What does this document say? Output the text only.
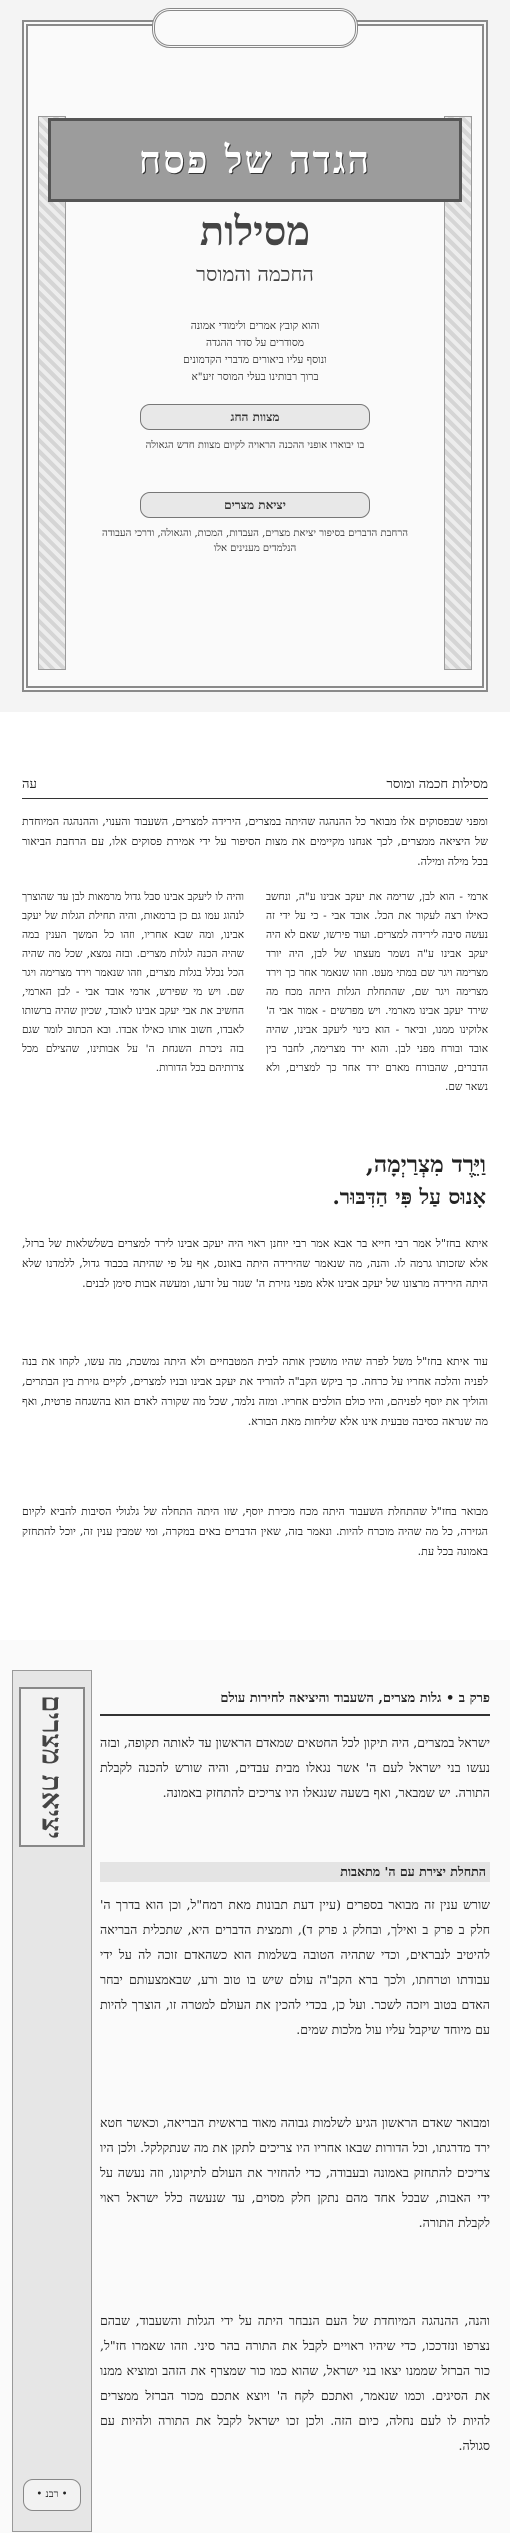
הגדה של פסח
מסילות
החכמה והמוסר
והוא קובץ אמרים ולימודי אמונה
מסודרים על סדר ההגדה
ונוסף עליו ביאורים מדברי הקדמונים
ברוך רבותינו בעלי המוסר זיע"א
מצוות החג
בו יבוארו אופני ההכנה הראויה לקיום מצוות חדש הגאולה
יציאת מצרים
הרחבת הדברים בסיפור יציאת מצרים, העבדות, המכות, והגאולה, ודרכי העבודה הנלמדים מענינים אלו
מסילות חכמה ומוסר
עה
ומפני שבפסוקים אלו מבואר כל ההנהגה שהיתה במצרים, הירידה למצרים, השעבוד והענוי, וההנהגה המיוחדת של היציאה ממצרים, לכך אנחנו מקיימים את מצות הסיפור על ידי אמירת פסוקים אלו, עם הרחבת הביאור בכל מילה ומילה.
ארמי - הוא לבן, שרימה את יעקב אבינו ע"ה, ונחשב כאילו רצה לעקור את הכל. אובד אבי - כי על ידי זה נעשה סיבה לירידה למצרים. ועוד פירשו, שאם לא היה יעקב אבינו ע"ה נשמר מעצתו של לבן, היה יורד מצרימה ויגר שם במתי מעט. וזהו שנאמר אחר כך וירד מצרימה ויגר שם, שהתחלת הגלות היתה מכח מה שירד יעקב אבינו מארמי. ויש מפרשים - אמור אבי ה' אלוקינו ממנו, וביאר - הוא כינוי ליעקב אבינו, שהיה אובד ובורח מפני לבן. והוא ירד מצרימה, לחבר בין הדברים, שהבורח מארם ירד אחר כך למצרים, ולא נשאר שם.
והיה לו ליעקב אבינו סבל גדול מרמאות לבן עד שהוצרך לנהוג עמו גם כן ברמאות, והיה תחילת הגלות של יעקב אבינו, ומה שבא אחריו, וזהו כל המשך הענין במה שהיה הכנה לגלות מצרים. ובזה נמצא, שכל מה שהיה הכל נכלל בגלות מצרים, וזהו שנאמר וירד מצרימה ויגר שם. ויש מי שפירש, ארמי אובד אבי - לבן הארמי, החשיב את אבי יעקב אבינו לאובד, שכיון שהיה ברשותו לאבדו, חשוב אותו כאילו אבדו. ובא הכתוב לומר שגם בזה ניכרת השגחת ה' על אבותינו, שהצילם מכל צרותיהם בכל הדורות.
וַיֵּרֶד מִצְרַיְמָה,
אָנוּס עַל פִּי הַדִּבּוּר.
איתא בחז"ל אמר רבי חייא בר אבא אמר רבי יוחנן ראוי היה יעקב אבינו לירד למצרים בשלשלאות של ברזל, אלא שזכותו גרמה לו. והנה, מה שנאמר שהירידה היתה באונס, אף על פי שהיתה בכבוד גדול, ללמדנו שלא היתה הירידה מרצונו של יעקב אבינו אלא מפני גזירת ה' שגזר על זרעו, ומעשה אבות סימן לבנים.
עוד איתא בחז"ל משל לפרה שהיו מושכין אותה לבית המטבחיים ולא היתה נמשכת, מה עשו, לקחו את בנה לפניה והלכה אחריו על כרחה. כך ביקש הקב"ה להוריד את יעקב אבינו ובניו למצרים, לקיים גזירת בין הבתרים, והוליך את יוסף לפניהם, והיו כולם הולכים אחריו. ומזה נלמד, שכל מה שקורה לאדם הוא בהשגחה פרטית, ואף מה שנראה כסיבה טבעית אינו אלא שליחות מאת הבורא.
מבואר בחז"ל שהתחלת השעבוד היתה מכח מכירת יוסף, שזו היתה התחלה של גלגולי הסיבות להביא לקיום הגזירה, כל מה שהיה מוכרח להיות. ונאמר בזה, שאין הדברים באים במקרה, ומי שמבין ענין זה, יוכל להתחזק באמונה בכל עת.
יציאת מצרים
• רבנ •
פרק ב • גלות מצרים, השעבוד והיציאה לחירות עולם
ישראל במצרים, היה תיקון לכל החטאים שמאדם הראשון עד לאותה תקופה, ובזה נעשו בני ישראל לעם ה' אשר נגאלו מבית עבדים, והיה שורש להכנה לקבלת התורה. יש שמבאר, ואף בשעה שנגאלו היו צריכים להתחזק באמונה.
התחלת יצירת עם ה' מתאבות
שורש ענין זה מבואר בספרים (עיין דעת תבונות מאת רמח"ל, וכן הוא בדרך ה' חלק ב פרק ב ואילך, ובחלק ג פרק ד), ותמצית הדברים היא, שתכלית הבריאה להיטיב לנבראים, וכדי שתהיה הטובה בשלמות הוא כשהאדם זוכה לה על ידי עבודתו וטרחתו, ולכך ברא הקב"ה עולם שיש בו טוב ורע, שבאמצעותם יבחר האדם בטוב ויזכה לשכר. ועל כן, בכדי להכין את העולם למטרה זו, הוצרך להיות עם מיוחד שיקבל עליו עול מלכות שמים.
ומבואר שאדם הראשון הגיע לשלמות גבוהה מאוד בראשית הבריאה, וכאשר חטא ירד מדרגתו, וכל הדורות שבאו אחריו היו צריכים לתקן את מה שנתקלקל. ולכן היו צריכים להתחזק באמונה ובעבודה, כדי להחזיר את העולם לתיקונו, וזה נעשה על ידי האבות, שבכל אחד מהם נתקן חלק מסוים, עד שנעשה כלל ישראל ראוי לקבלת התורה.
והנה, ההנהגה המיוחדת של העם הנבחר היתה על ידי הגלות והשעבוד, שבהם נצרפו ונזדככו, כדי שיהיו ראויים לקבל את התורה בהר סיני. וזהו שאמרו חז"ל, כור הברזל שממנו יצאו בני ישראל, שהוא כמו כור שמצרף את הזהב ומוציא ממנו את הסיגים. וכמו שנאמר, ואתכם לקח ה' ויוצא אתכם מכור הברזל ממצרים להיות לו לעם נחלה, כיום הזה. ולכן זכו ישראל לקבל את התורה ולהיות עם סגולה.
